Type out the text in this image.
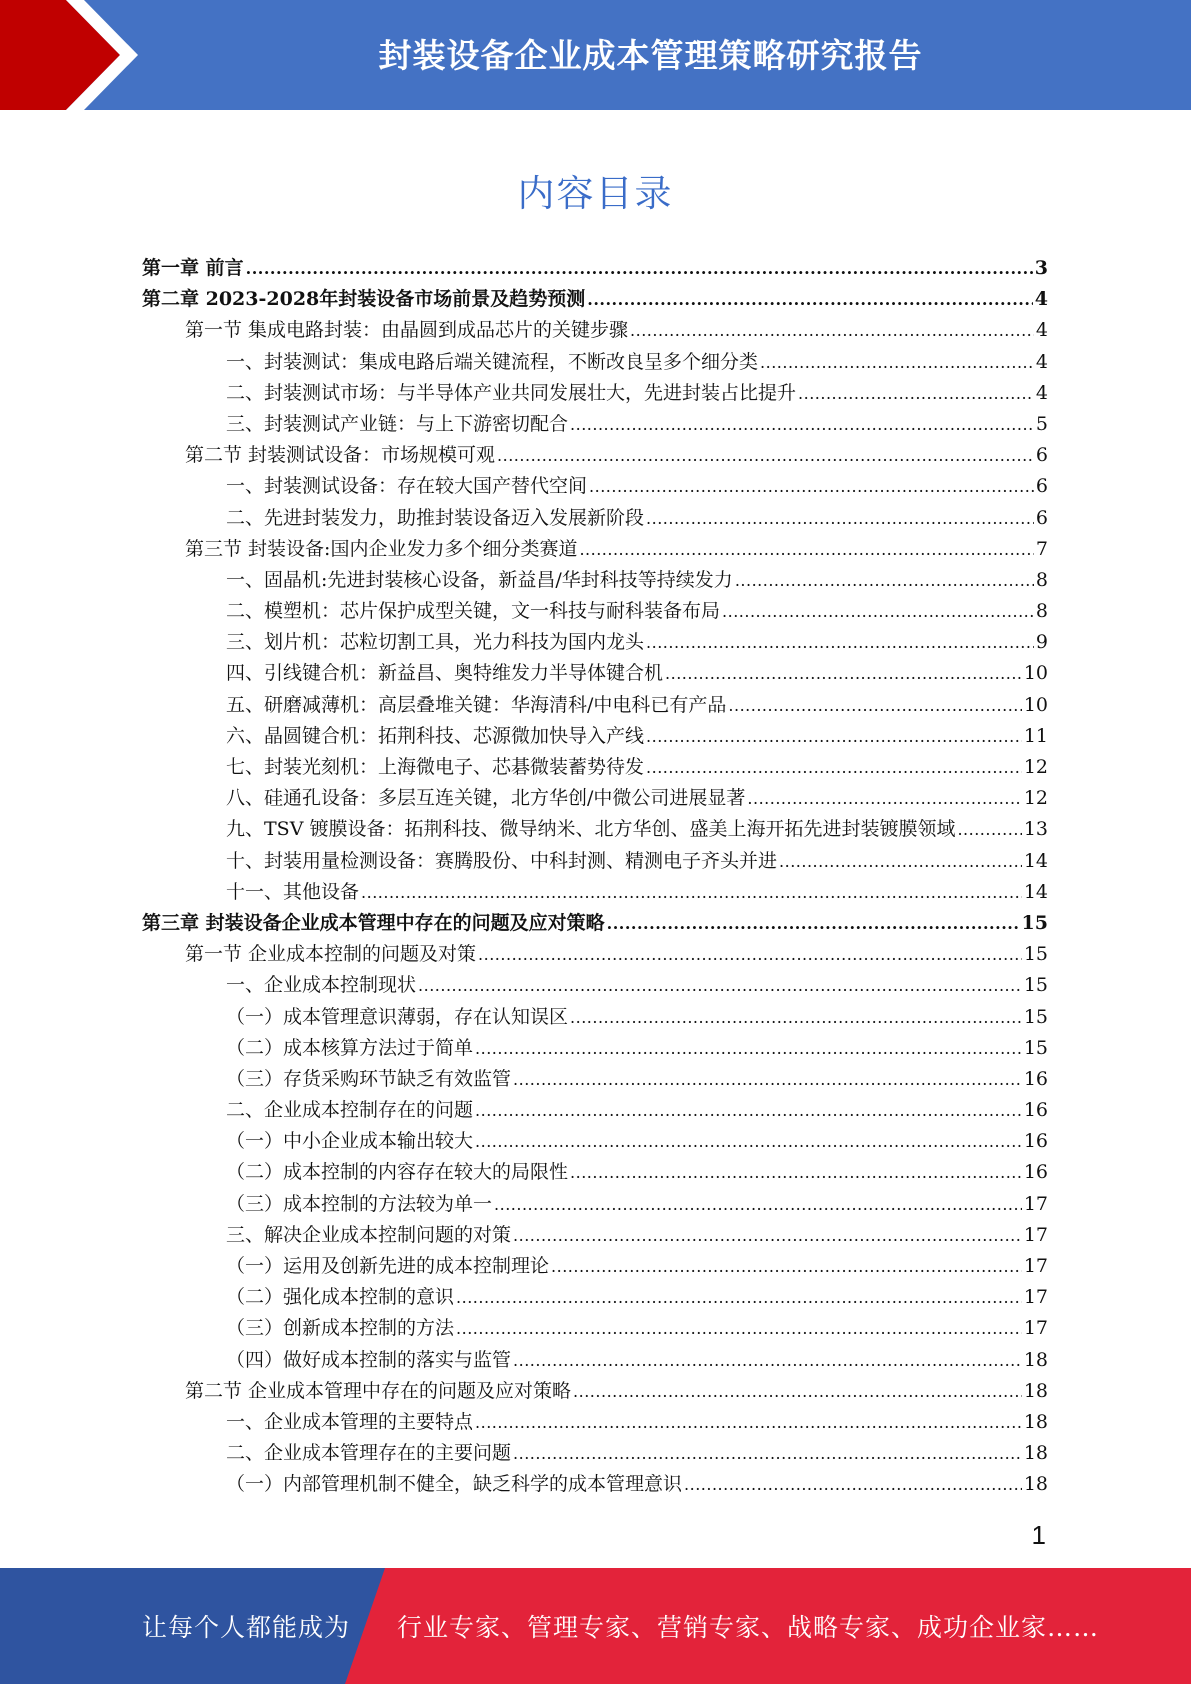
封装设备企业成本管理策略研究报告
内容目录
第一章 前言 .....	3
第二章 2023-2028年封装设备市场前景及趋势预测 .....	4
第一节 集成电路封装：由晶圆到成品芯片的关键步骤 .....	4
一、封装测试：集成电路后端关键流程，不断改良呈多个细分类 .....	4
二、封装测试市场：与半导体产业共同发展壮大，先进封装占比提升 .....	4
三、封装测试产业链：与上下游密切配合 .....	5
第二节 封装测试设备：市场规模可观 .....	6
一、封装测试设备：存在较大国产替代空间 .....	6
二、先进封装发力，助推封装设备迈入发展新阶段 .....	6
第三节 封装设备:国内企业发力多个细分类赛道 .....	7
一、固晶机:先进封装核心设备，新益昌/华封科技等持续发力 .....	8
二、模塑机：芯片保护成型关键，文一科技与耐科装备布局 .....	8
三、划片机：芯粒切割工具，光力科技为国内龙头 .....	9
四、引线键合机：新益昌、奥特维发力半导体键合机 .....	10
五、研磨减薄机：高层叠堆关键：华海清科/中电科已有产品 .....	10
六、晶圆键合机：拓荆科技、芯源微加快导入产线 .....	11
七、封装光刻机：上海微电子、芯碁微装蓄势待发 .....	12
八、硅通孔设备：多层互连关键，北方华创/中微公司进展显著 .....	12
九、TSV 镀膜设备：拓荆科技、微导纳米、北方华创、盛美上海开拓先进封装镀膜领域 .....	13
十、封装用量检测设备：赛腾股份、中科封测、精测电子齐头并进 .....	14
十一、其他设备 .....	14
第三章 封装设备企业成本管理中存在的问题及应对策略 .....	15
第一节 企业成本控制的问题及对策 .....	15
一、企业成本控制现状 .....	15
（一）成本管理意识薄弱，存在认知误区 .....	15
（二）成本核算方法过于简单 .....	15
（三）存货采购环节缺乏有效监管 .....	16
二、企业成本控制存在的问题 .....	16
（一）中小企业成本输出较大 .....	16
（二）成本控制的内容存在较大的局限性 .....	16
（三）成本控制的方法较为单一 .....	17
三、解决企业成本控制问题的对策 .....	17
（一）运用及创新先进的成本控制理论 .....	17
（二）强化成本控制的意识 .....	17
（三）创新成本控制的方法 .....	17
（四）做好成本控制的落实与监管 .....	18
第二节 企业成本管理中存在的问题及应对策略 .....	18
一、企业成本管理的主要特点 .....	18
二、企业成本管理存在的主要问题 .....	18
（一）内部管理机制不健全，缺乏科学的成本管理意识 .....	18
1
让每个人都能成为 行业专家、管理专家、营销专家、战略专家、成功企业家……
